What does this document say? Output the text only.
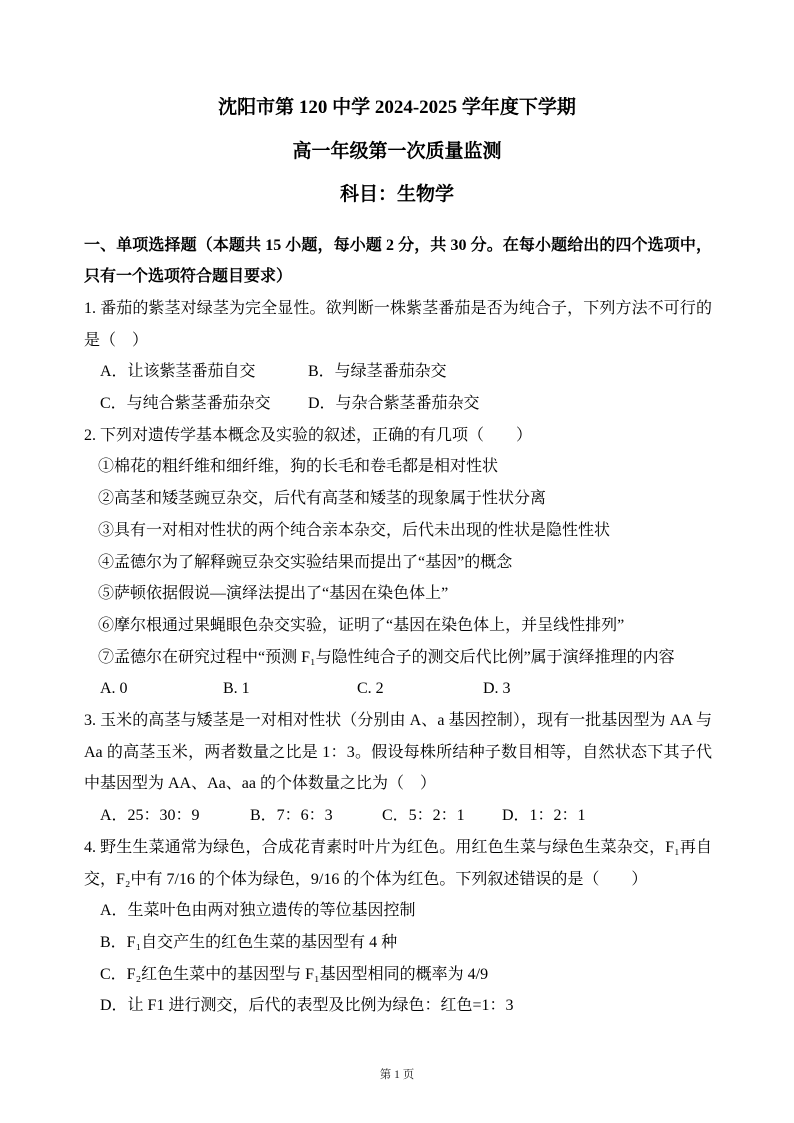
沈阳市第 120 中学 2024-2025 学年度下学期

高一年级第一次质量监测

科目：生物学

一、单项选择题（本题共 15 小题，每小题 2 分，共 30 分。在每小题给出的四个选项中，只有一个选项符合题目要求）

1. 番茄的紫茎对绿茎为完全显性。欲判断一株紫茎番茄是否为纯合子，下列方法不可行的是（　）

A．让该紫茎番茄自交	B．与绿茎番茄杂交
C．与纯合紫茎番茄杂交	D．与杂合紫茎番茄杂交

2. 下列对遗传学基本概念及实验的叙述，正确的有几项（　　）

①棉花的粗纤维和细纤维，狗的长毛和卷毛都是相对性状

②高茎和矮茎豌豆杂交，后代有高茎和矮茎的现象属于性状分离

③具有一对相对性状的两个纯合亲本杂交，后代未出现的性状是隐性性状

④孟德尔为了解释豌豆杂交实验结果而提出了“基因”的概念

⑤萨顿依据假说—演绎法提出了“基因在染色体上”

⑥摩尔根通过果蝇眼色杂交实验，证明了“基因在染色体上，并呈线性排列”

⑦孟德尔在研究过程中“预测 F₁与隐性纯合子的测交后代比例”属于演绎推理的内容

A. 0	B. 1	C. 2	D. 3

3. 玉米的高茎与矮茎是一对相对性状（分别由 A、a 基因控制），现有一批基因型为 AA 与 Aa 的高茎玉米，两者数量之比是 1：3。假设每株所结种子数目相等，自然状态下其子代中基因型为 AA、Aa、aa 的个体数量之比为（　）

A．25：30：9	B．7：6：3	C．5：2：1	D．1：2：1

4. 野生生菜通常为绿色，合成花青素时叶片为红色。用红色生菜与绿色生菜杂交，F₁再自交，F₂中有 7/16 的个体为绿色，9/16 的个体为红色。下列叙述错误的是（　　）

A．生菜叶色由两对独立遗传的等位基因控制
B．F₁自交产生的红色生菜的基因型有 4 种
C．F₂红色生菜中的基因型与 F₁基因型相同的概率为 4/9
D．让 F1 进行测交，后代的表型及比例为绿色：红色=1：3
第 1 页
